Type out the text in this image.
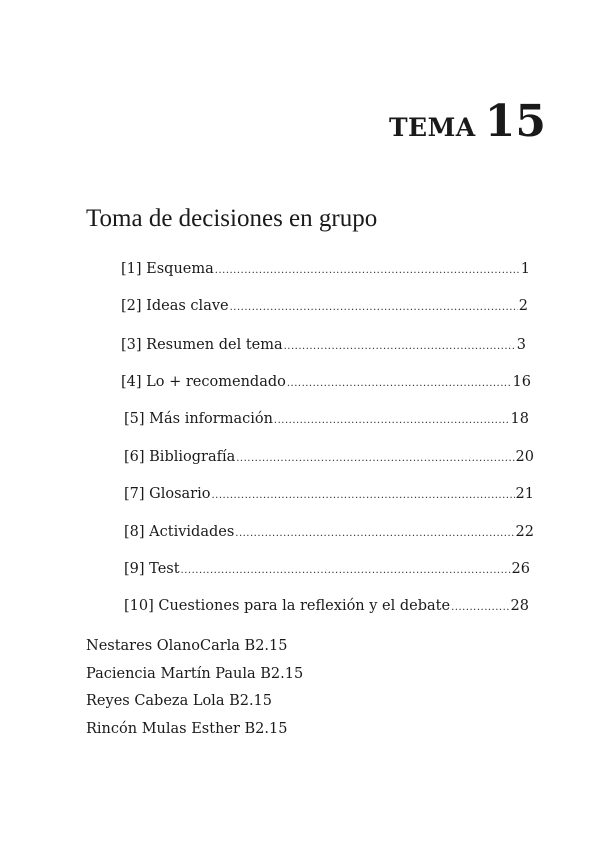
TEMA 15
Toma de decisiones en grupo
[1] Esquema .....	1
[2] Ideas clave .....	2
[3] Resumen del tema .....	3
[4] Lo + recomendado .....	16
[5] Más información .....	18
[6] Bibliografía .....	20
[7] Glosario .....	21
[8] Actividades .....	22
[9] Test .....	26
[10] Cuestiones para la reflexión y el debate .....	28
Nestares OlanoCarla B2.15
Paciencia Martín Paula B2.15
Reyes Cabeza Lola B2.15
Rincón Mulas Esther B2.15
